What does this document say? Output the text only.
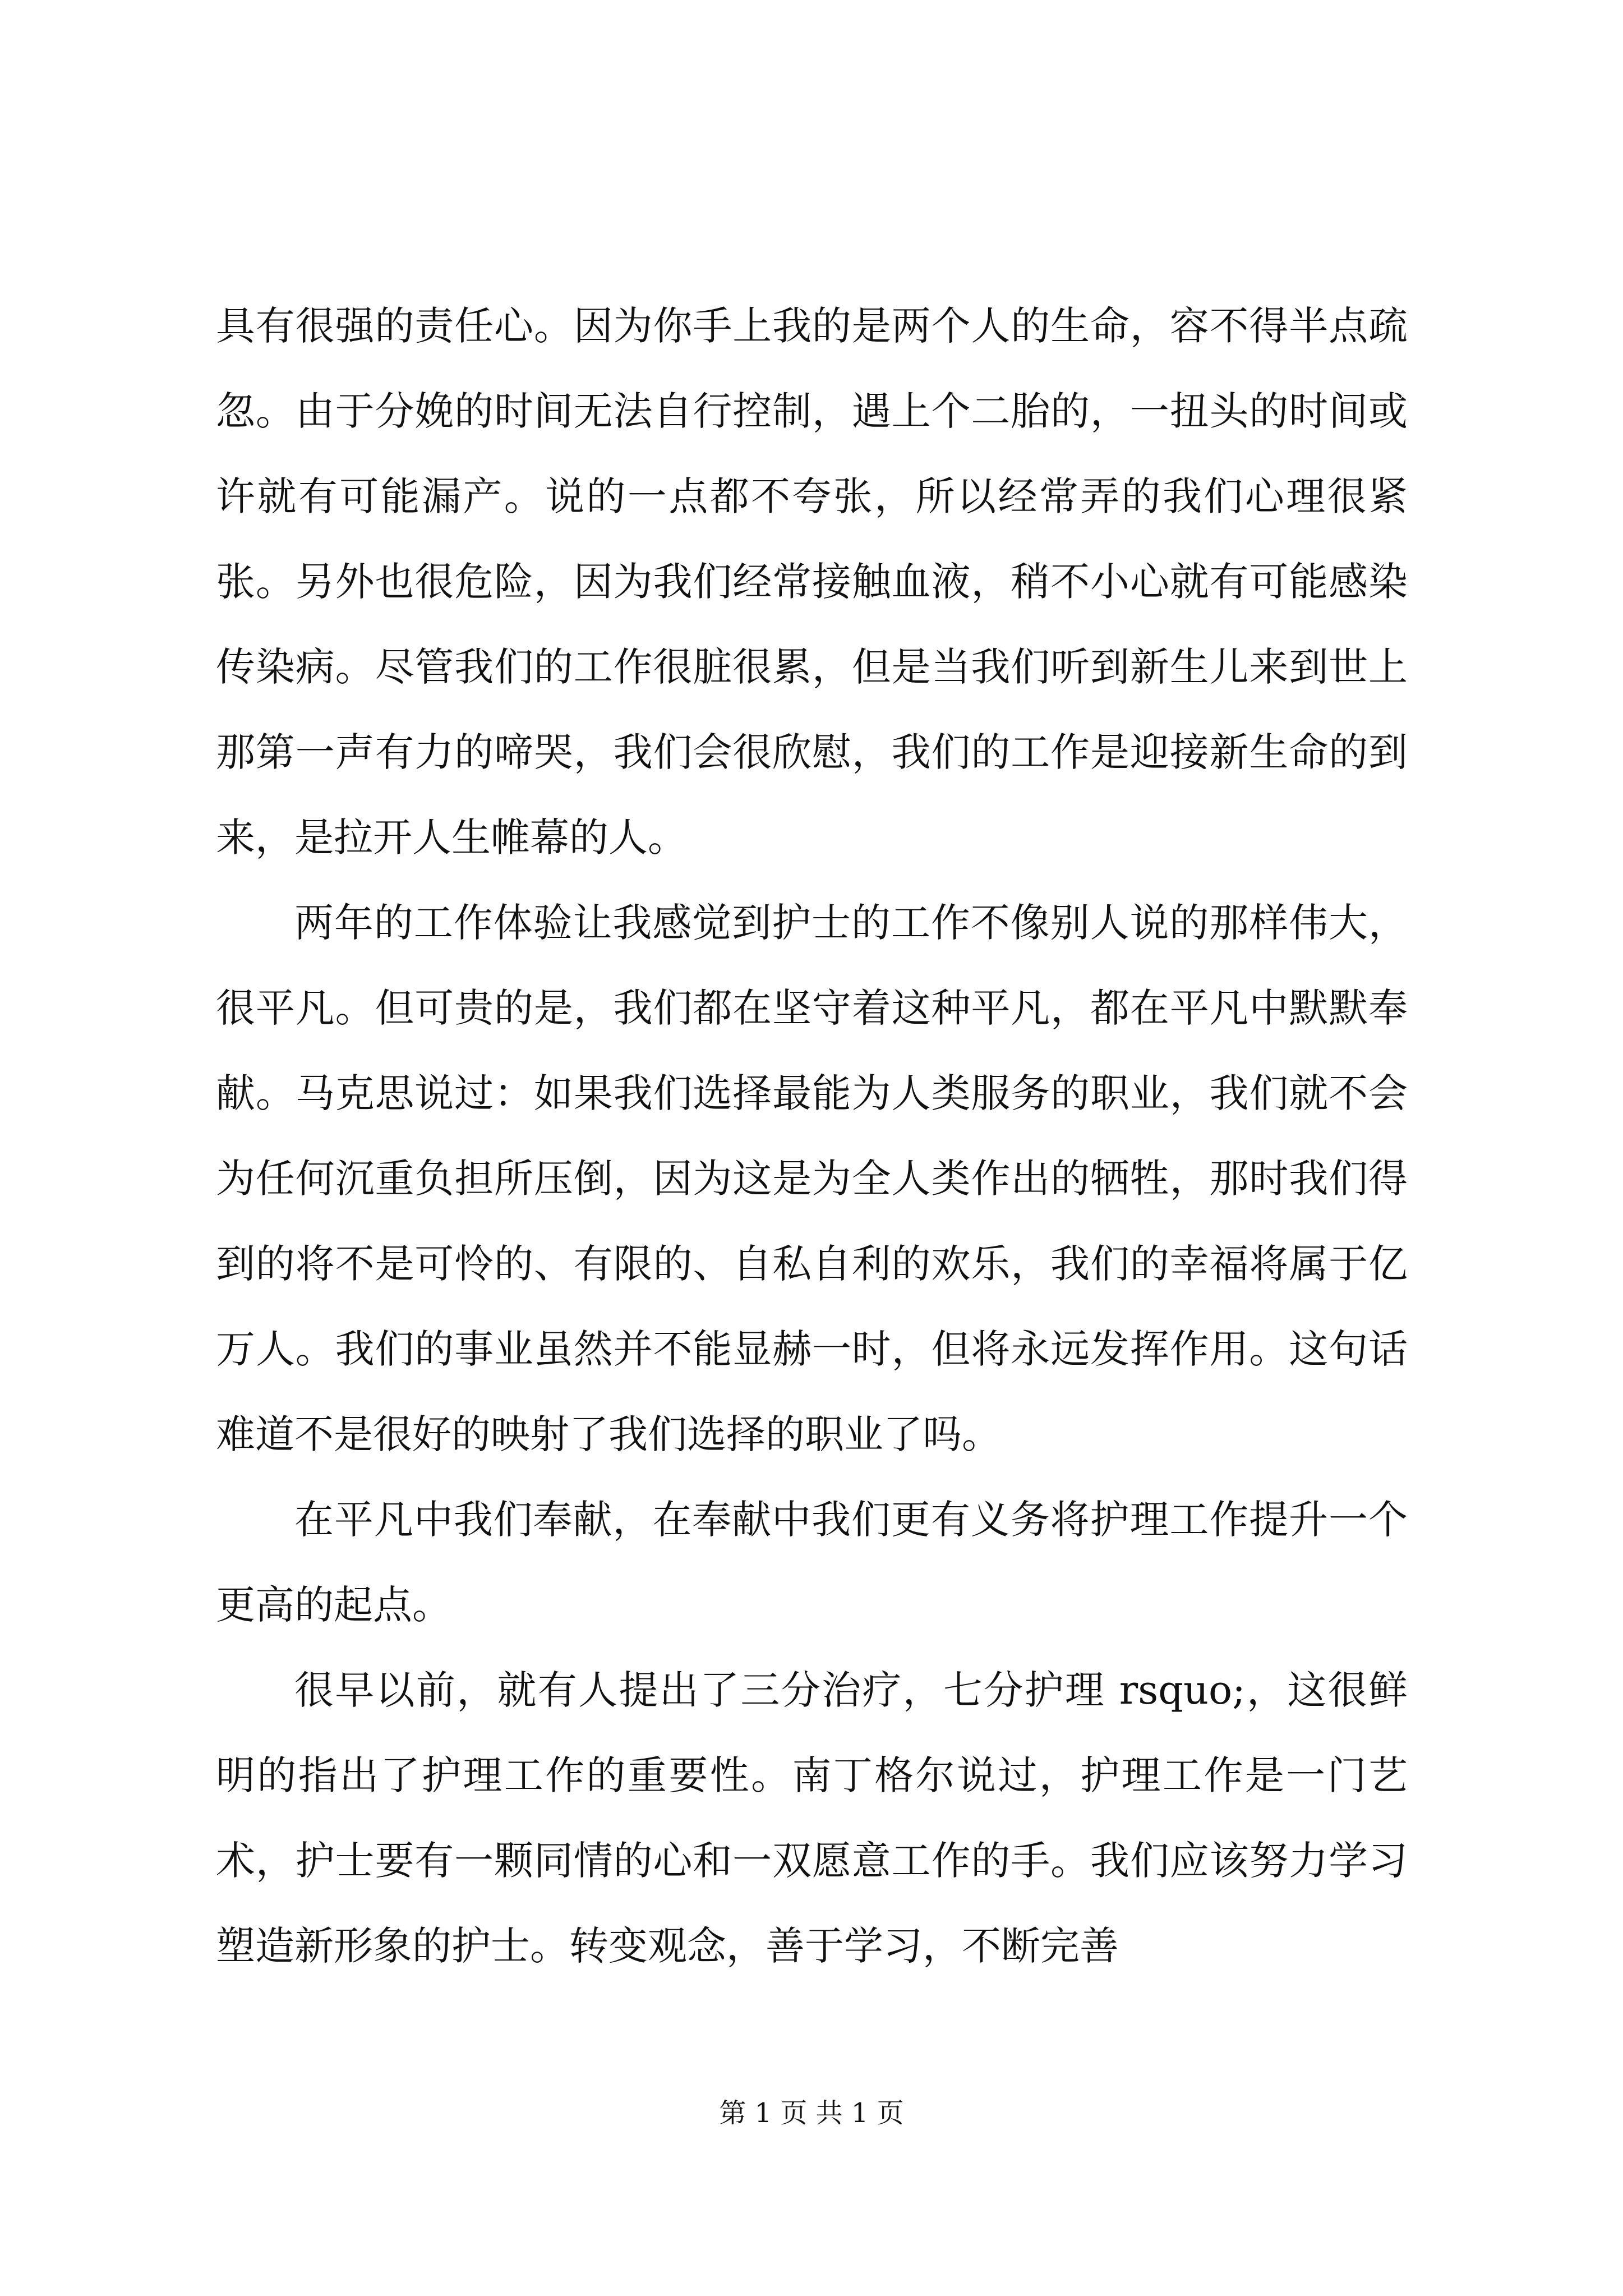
具有很强的责任心。因为你手上我的是两个人的生命，容不得半点疏忽。由于分娩的时间无法自行控制，遇上个二胎的，一扭头的时间或许就有可能漏产。说的一点都不夸张，所以经常弄的我们心理很紧张。另外也很危险，因为我们经常接触血液，稍不小心就有可能感染传染病。尽管我们的工作很脏很累，但是当我们听到新生儿来到世上那第一声有力的啼哭，我们会很欣慰，我们的工作是迎接新生命的到来，是拉开人生帷幕的人。

两年的工作体验让我感觉到护士的工作不像别人说的那样伟大，很平凡。但可贵的是，我们都在坚守着这种平凡，都在平凡中默默奉献。马克思说过：如果我们选择最能为人类服务的职业，我们就不会为任何沉重负担所压倒，因为这是为全人类作出的牺牲，那时我们得到的将不是可怜的、有限的、自私自利的欢乐，我们的幸福将属于亿万人。我们的事业虽然并不能显赫一时，但将永远发挥作用。这句话难道不是很好的映射了我们选择的职业了吗。

在平凡中我们奉献，在奉献中我们更有义务将护理工作提升一个更高的起点。

很早以前，就有人提出了三分治疗，七分护理 rsquo;，这很鲜明的指出了护理工作的重要性。南丁格尔说过，护理工作是一门艺术，护士要有一颗同情的心和一双愿意工作的手。我们应该努力学习塑造新形象的护士。转变观念，善于学习，不断完善

第 1 页 共 1 页
